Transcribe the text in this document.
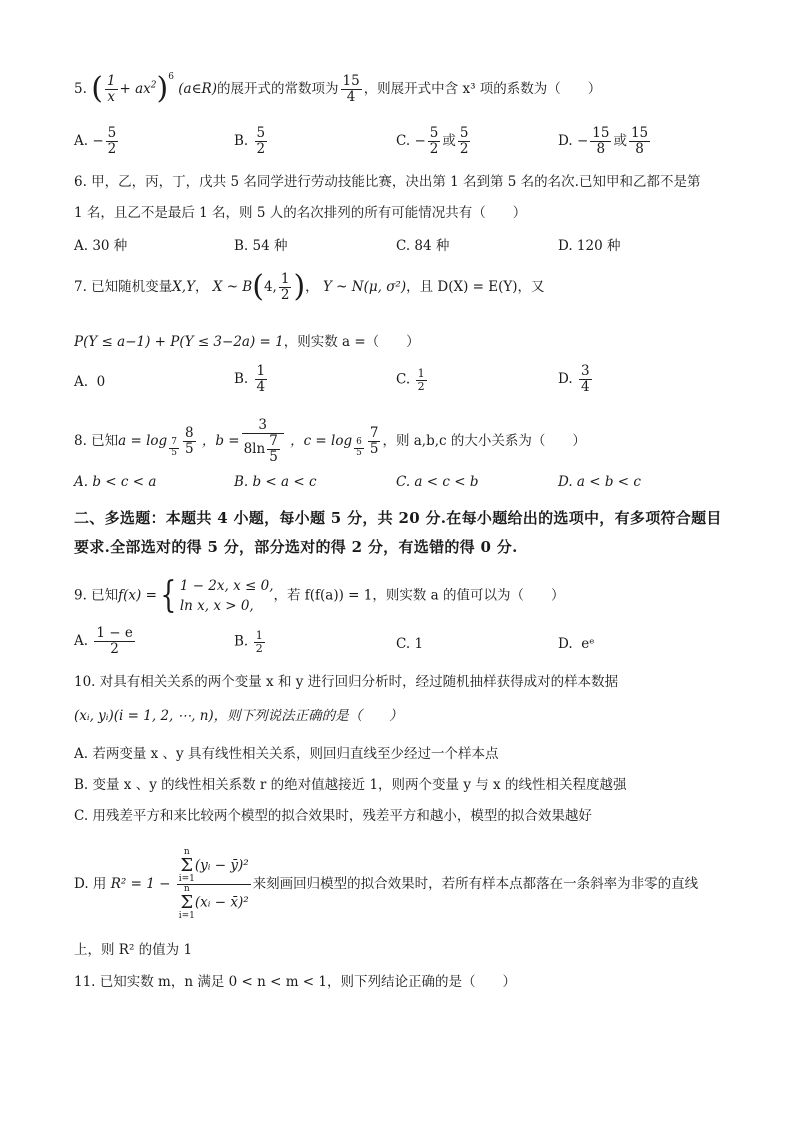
5. ( $\frac{1}{x} + ax^2)^6$ (a∈R)的展开式的常数项为 $\frac{15}{4}$ ，则展开式中含 x³ 项的系数为（　　）
A. − $\frac{5}{2}$	B. $\frac{5}{2}$	C. − $\frac{5}{2}$ 或 $\frac{5}{2}$	D. − $\frac{15}{8}$ 或 $\frac{15}{8}$
6. 甲，乙，丙，丁，戊共 5 名同学进行劳动技能比赛，决出第 1 名到第 5 名的名次.已知甲和乙都不是第
1 名，且乙不是最后 1 名，则 5 人的名次排列的所有可能情况共有（　　）
A. 30 种	B. 54 种	C. 84 种	D. 120 种
7. 已知随机变量X,Y， X ~ B(4, $\frac{1}{2}$ )， Y ~ N(μ, σ²)，且 D(X) = E(Y)，又
P(Y ≤ a−1) + P(Y ≤ 3−2a) = 1，则实数 a =（　　）
A. 0	B. $\frac{1}{4}$	C. $\frac{1}{2}$	D. $\frac{3}{4}$
8. 已知$a = \log \frac{7}{5} \frac{8}{5}$ ，$b = \frac{3}{8\ln \frac{7}{5}}$ ，$c = \log \frac{6}{5} \frac{7}{5}$ ，则 a,b,c 的大小关系为（　　）
A. b < c < a	B. b < a < c	C. a < c < b	D. a < b < c
二、多选题：本题共 4 小题，每小题 5 分，共 20 分.在每小题给出的选项中，有多项符合题目
要求.全部选对的得 5 分，部分选对的得 2 分，有选错的得 0 分.
9. 已知f(x) ={ 1 − 2x, x ≤ 0,
ln x, x > 0,
，若 f(f(a)) = 1，则实数 a 的值可以为（　　）
A. $\frac{1 - e}{2}$	B. $\frac{1}{2}$	C. 1	D. eᵉ
10. 对具有相关关系的两个变量 x 和 y 进行回归分析时，经过随机抽样获得成对的样本数据
(xᵢ, yᵢ)(i = 1, 2, ⋯, n)，则下列说法正确的是（　　）
A. 若两变量 x 、y 具有线性相关关系，则回归直线至少经过一个样本点
B. 变量 x 、y 的线性相关系数 r 的绝对值越接近 1，则两个变量 y 与 x 的线性相关程度越强
C. 用残差平方和来比较两个模型的拟合效果时，残差平方和越小，模型的拟合效果越好
D. 用 R² = 1 − n
Σ
i=1(yᵢ − ȳ)²
n
Σ
i=1(xᵢ − x̄)² 来刻画回归模型的拟合效果时，若所有样本点都落在一条斜率为非零的直线
上，则 R² 的值为 1
11. 已知实数 m，n 满足 0 < n < m < 1，则下列结论正确的是（　　）
